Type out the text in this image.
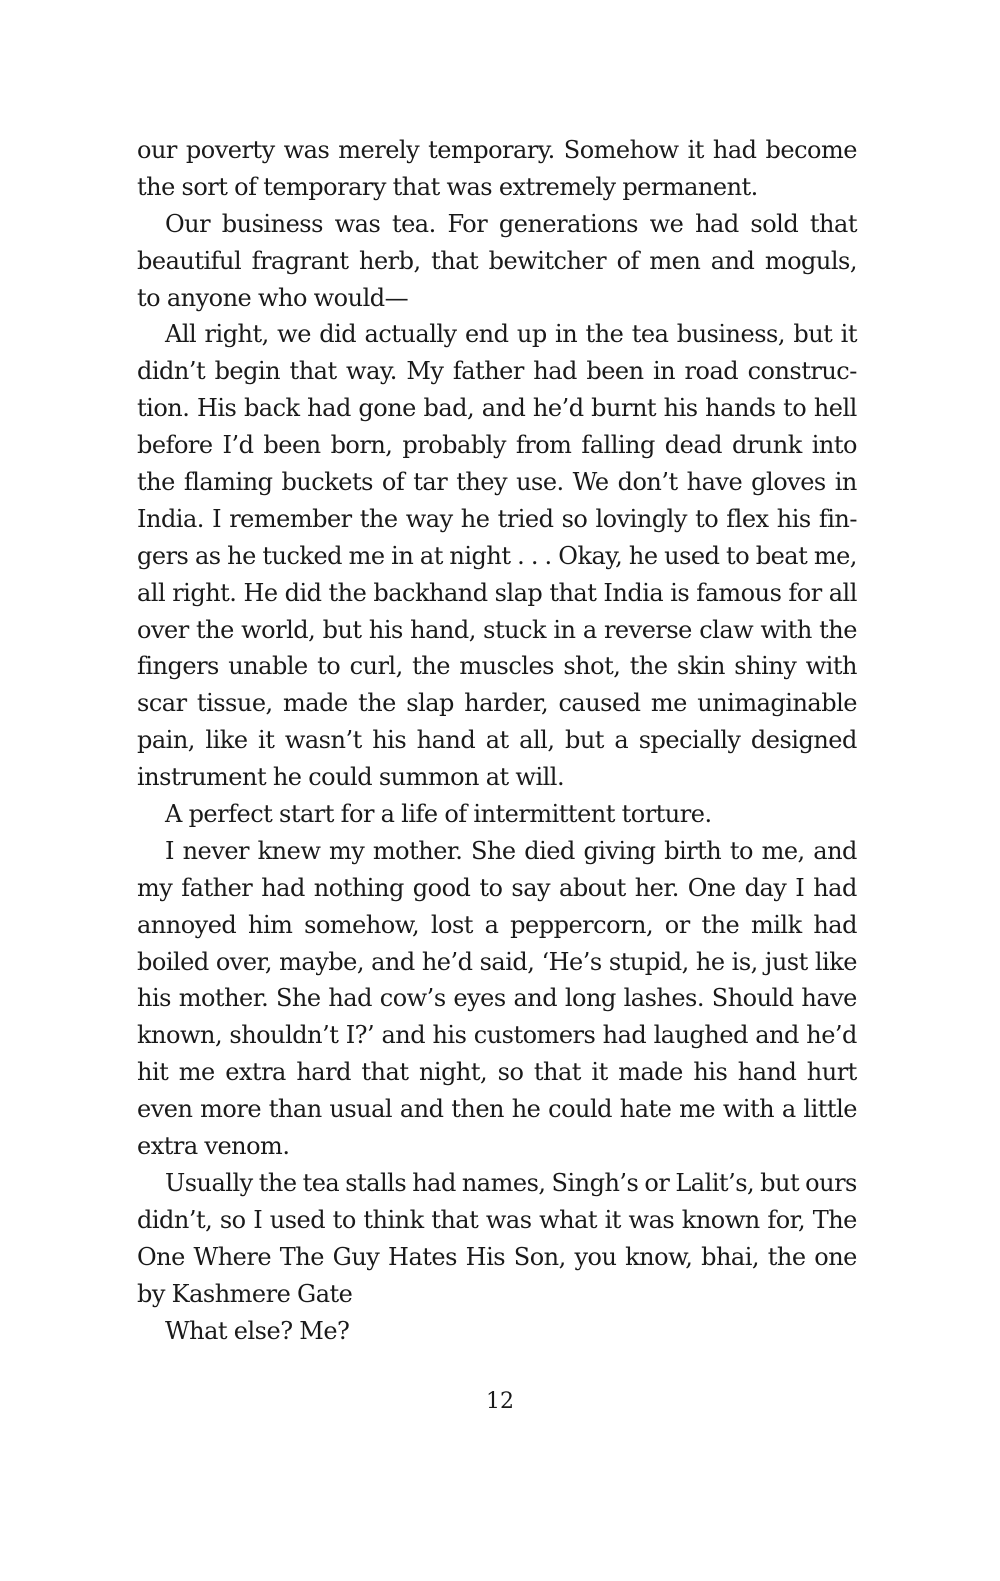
our poverty was merely temporary. Somehow it had become
the sort of temporary that was extremely permanent.
Our business was tea. For generations we had sold that
beautiful fragrant herb, that bewitcher of men and moguls,
to anyone who would—
All right, we did actually end up in the tea business, but it
didn’t begin that way. My father had been in road construc-
tion. His back had gone bad, and he’d burnt his hands to hell
before I’d been born, probably from falling dead drunk into
the flaming buckets of tar they use. We don’t have gloves in
India. I remember the way he tried so lovingly to flex his fin-
gers as he tucked me in at night . . . Okay, he used to beat me,
all right. He did the backhand slap that India is famous for all
over the world, but his hand, stuck in a reverse claw with the
fingers unable to curl, the muscles shot, the skin shiny with
scar tissue, made the slap harder, caused me unimaginable
pain, like it wasn’t his hand at all, but a specially designed
instrument he could summon at will.
A perfect start for a life of intermittent torture.
I never knew my mother. She died giving birth to me, and
my father had nothing good to say about her. One day I had
annoyed him somehow, lost a peppercorn, or the milk had
boiled over, maybe, and he’d said, ‘He’s stupid, he is, just like
his mother. She had cow’s eyes and long lashes. Should have
known, shouldn’t I?’ and his customers had laughed and he’d
hit me extra hard that night, so that it made his hand hurt
even more than usual and then he could hate me with a little
extra venom.
Usually the tea stalls had names, Singh’s or Lalit’s, but ours
didn’t, so I used to think that was what it was known for, The
One Where The Guy Hates His Son, you know, bhai, the one
by Kashmere Gate
What else? Me?
12
